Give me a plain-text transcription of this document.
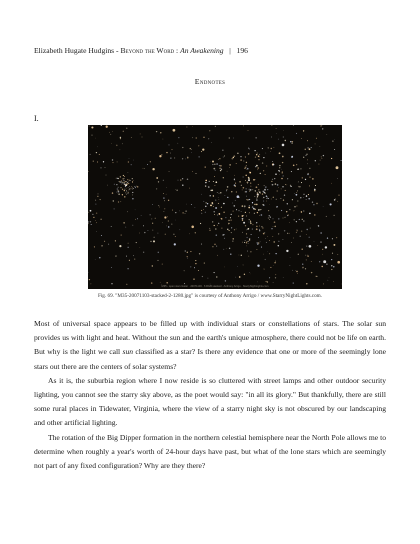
Elizabeth Hugate Hudgins - Beyond the Word : An Awakening   |   196
Endnotes
I.
M35 - open star cluster · 20071103 · 6 RGB stacked · Anthony Arrigo · StarryNightLights.com
Fig. 69. "M35-20071103-stacked-2-1280.jpg" is courtesy of Anthony Arrigo / www.StarryNightLights.com.

Most of universal space appears to be filled up with individual stars or constellations of stars. The solar sun provides us with light and heat. Without the sun and the earth's unique atmosphere, there could not be life on earth. But why is the light we call sun classified as a star? Is there any evidence that one or more of the seemingly lone stars out there are the centers of solar systems?

As it is, the suburbia region where I now reside is so cluttered with street lamps and other outdoor security lighting, you cannot see the starry sky above, as the poet would say: "in all its glory." But thankfully, there are still some rural places in Tidewater, Virginia, where the view of a starry night sky is not obscured by our landscaping and other artificial lighting.

The rotation of the Big Dipper formation in the northern celestial hemisphere near the North Pole allows me to determine when roughly a year's worth of 24-hour days have past, but what of the lone stars which are seemingly not part of any fixed configuration? Why are they there?
